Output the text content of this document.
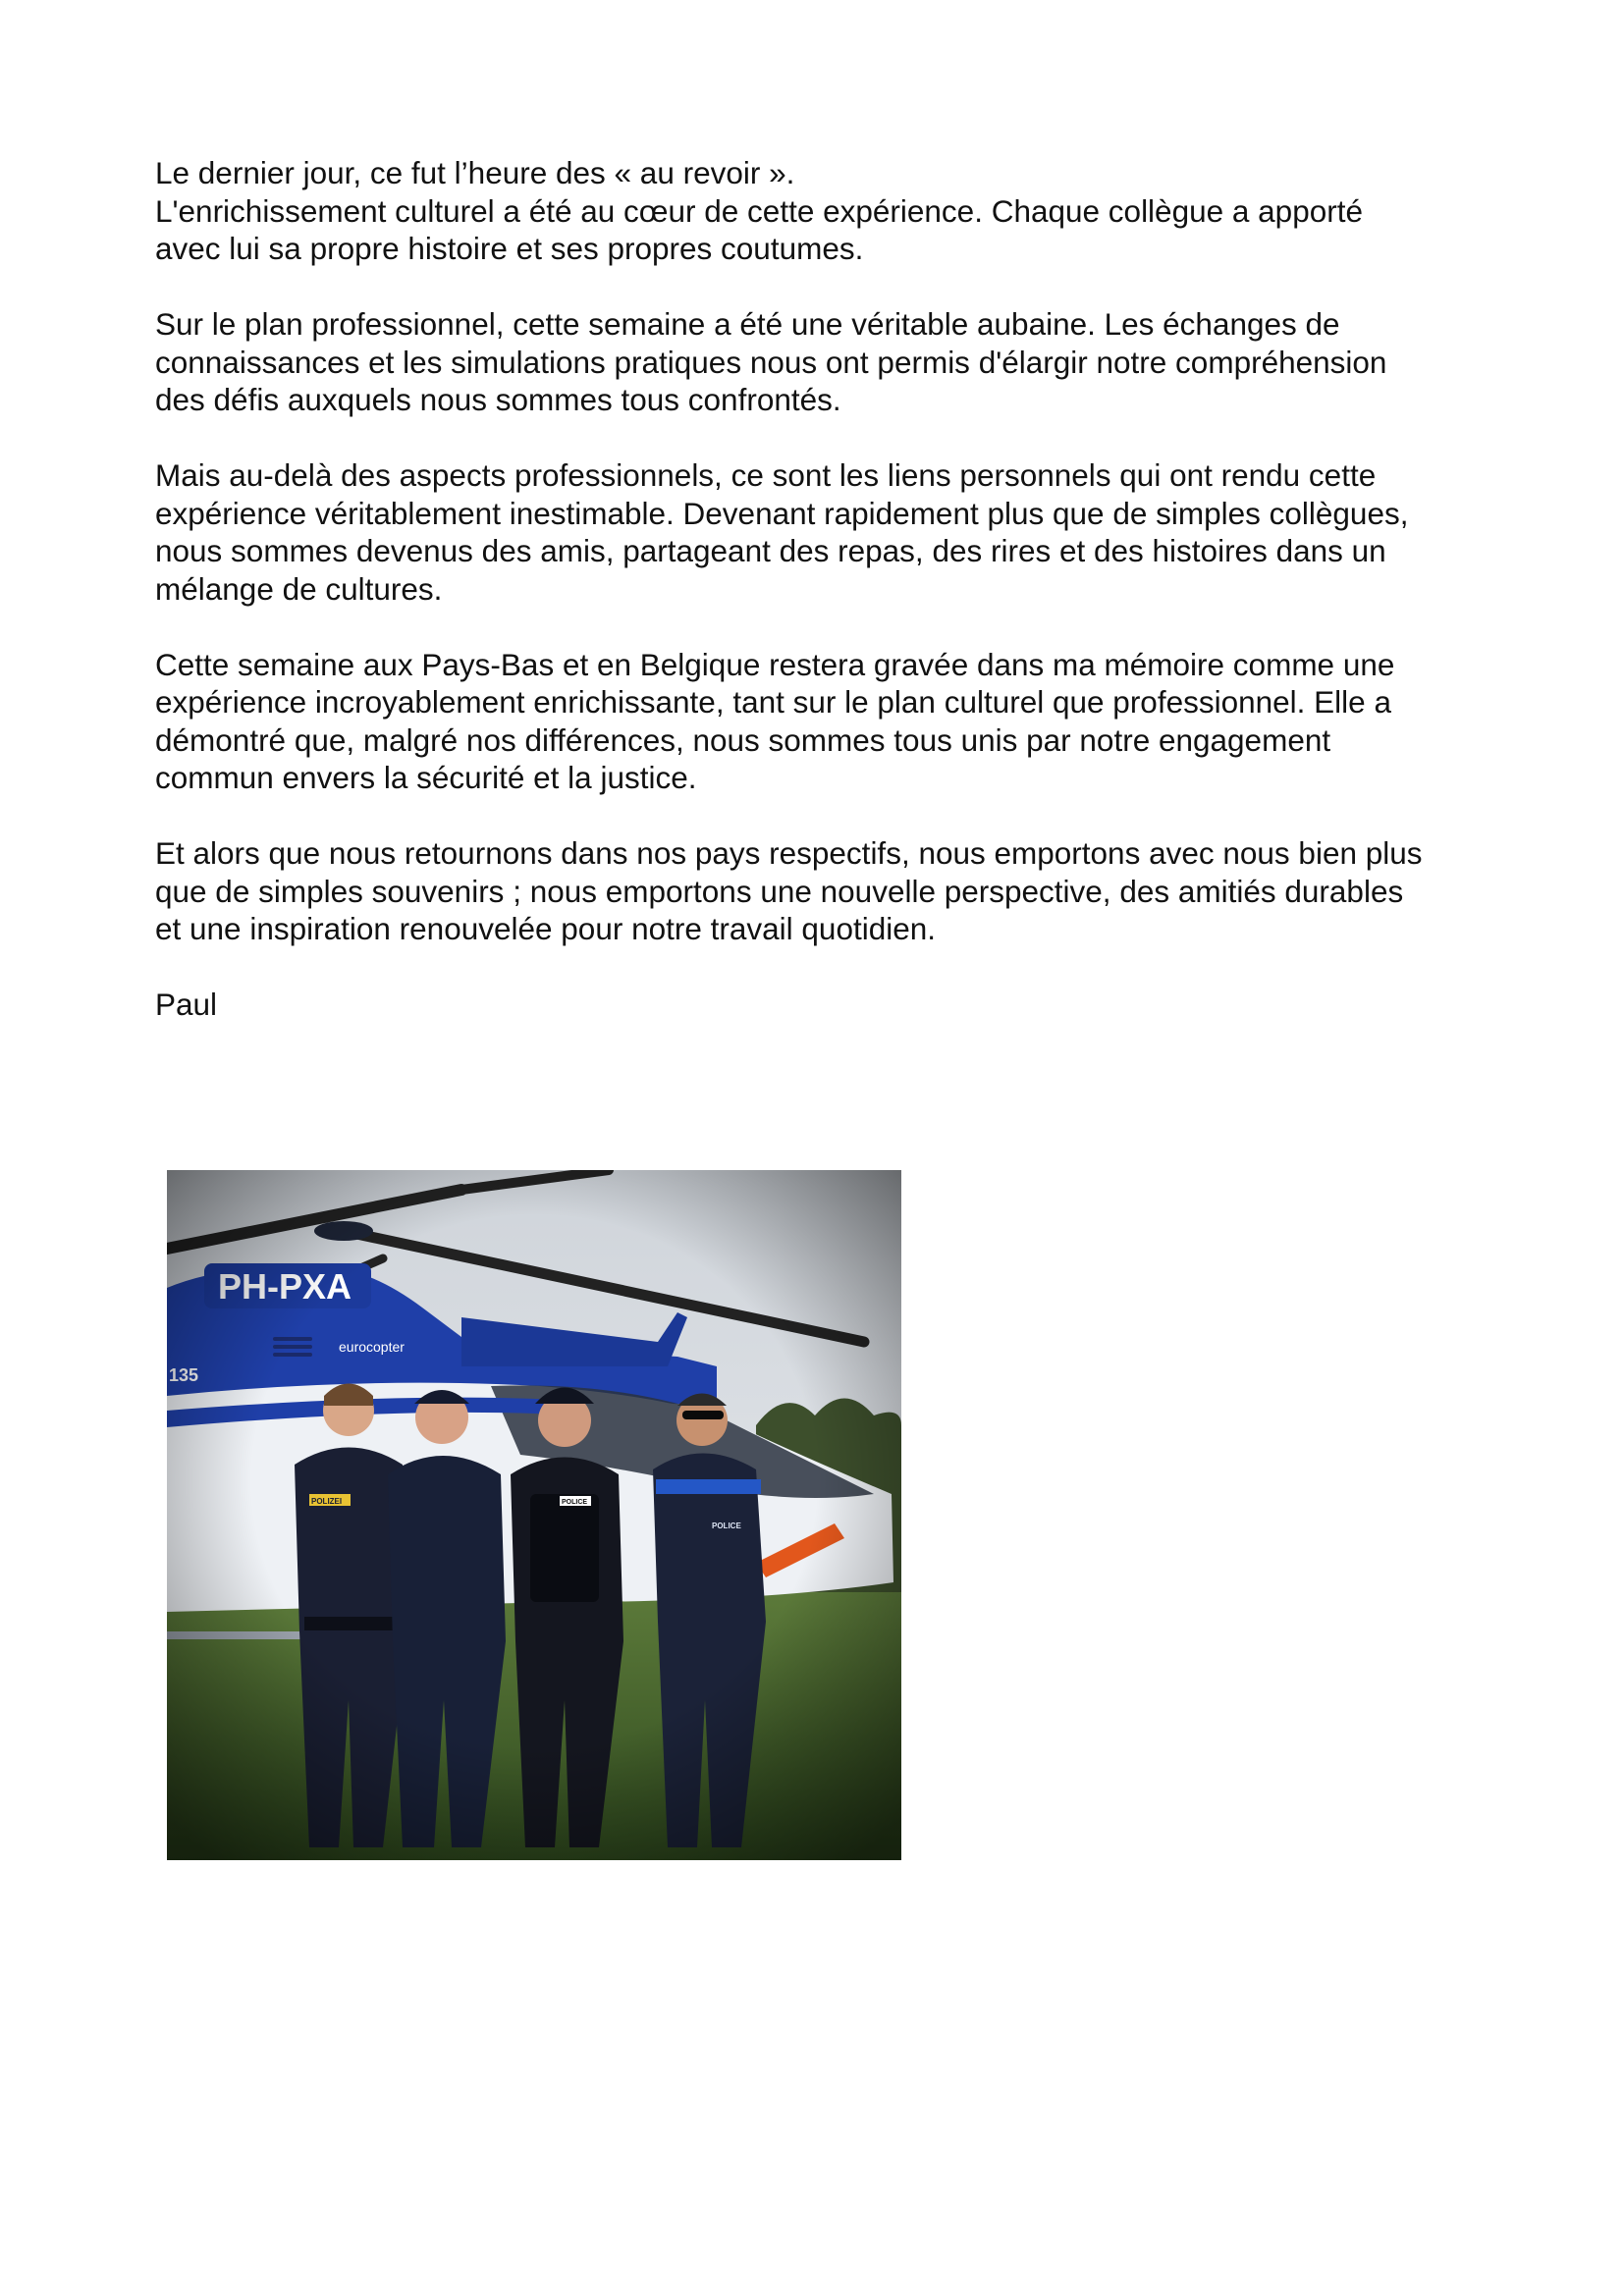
Le dernier jour, ce fut l’heure des « au revoir ».
L'enrichissement culturel a été au cœur de cette expérience. Chaque collègue a apporté
avec lui sa propre histoire et ses propres coutumes.
Sur le plan professionnel, cette semaine a été une véritable aubaine. Les échanges de
connaissances et les simulations pratiques nous ont permis d'élargir notre compréhension
des défis auxquels nous sommes tous confrontés.
Mais au-delà des aspects professionnels, ce sont les liens personnels qui ont rendu cette
expérience véritablement inestimable. Devenant rapidement plus que de simples collègues,
nous sommes devenus des amis, partageant des repas, des rires et des histoires dans un
mélange de cultures.
Cette semaine aux Pays-Bas et en Belgique restera gravée dans ma mémoire comme une
expérience incroyablement enrichissante, tant sur le plan culturel que professionnel. Elle a
démontré que, malgré nos différences, nous sommes tous unis par notre engagement
commun envers la sécurité et la justice.
Et alors que nous retournons dans nos pays respectifs, nous emportons avec nous bien plus
que de simples souvenirs ; nous emportons une nouvelle perspective, des amitiés durables
et une inspiration renouvelée pour notre travail quotidien.
Paul
